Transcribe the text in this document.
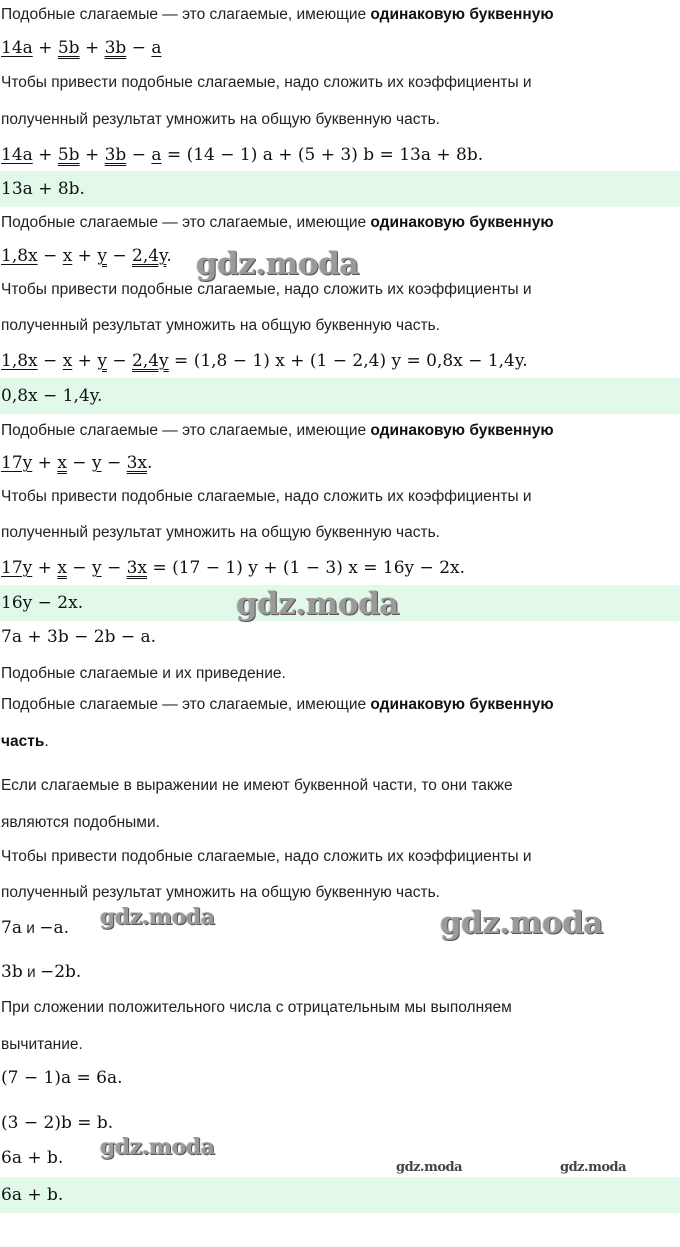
Подобные слагаемые — это слагаемые, имеющие одинаковую буквенную
14a + 5b + 3b − a
Чтобы привести подобные слагаемые, надо сложить их коэффициенты и
полученный результат умножить на общую буквенную часть.
14a + 5b + 3b − a = (14 − 1) a + (5 + 3) b = 13a + 8b.
13a + 8b.
Подобные слагаемые — это слагаемые, имеющие одинаковую буквенную
1,8x − x + y − 2,4y.
Чтобы привести подобные слагаемые, надо сложить их коэффициенты и
полученный результат умножить на общую буквенную часть.
1,8x − x + y − 2,4y = (1,8 − 1) x + (1 − 2,4) y = 0,8x − 1,4y.
0,8x − 1,4y.
Подобные слагаемые — это слагаемые, имеющие одинаковую буквенную
17y + x − y − 3x.
Чтобы привести подобные слагаемые, надо сложить их коэффициенты и
полученный результат умножить на общую буквенную часть.
17y + x − y − 3x = (17 − 1) y + (1 − 3) x = 16y − 2x.
16y − 2x.
7a + 3b − 2b − a.
Подобные слагаемые и их приведение.
Подобные слагаемые — это слагаемые, имеющие одинаковую буквенную
часть.
Если слагаемые в выражении не имеют буквенной части, то они также
являются подобными.
Чтобы привести подобные слагаемые, надо сложить их коэффициенты и
полученный результат умножить на общую буквенную часть.
7a и −a.
3b и −2b.
При сложении положительного числа с отрицательным мы выполняем
вычитание.
(7 − 1)a = 6a.
(3 − 2)b = b.
6a + b.
6a + b.
gdz.moda
gdz.moda
gdz.moda	gdz.moda
gdz.moda
gdz.moda	gdz.moda
